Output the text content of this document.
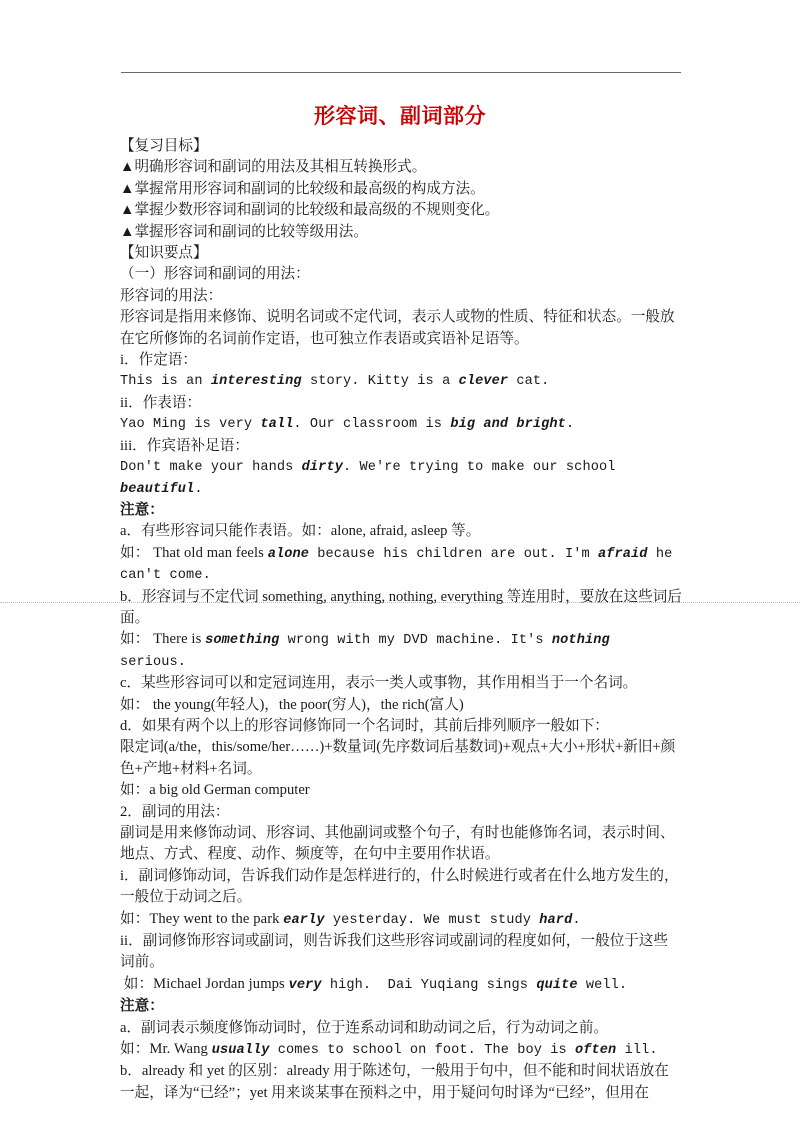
形容词、副词部分

【复习目标】

▲明确形容词和副词的用法及其相互转换形式。

▲掌握常用形容词和副词的比较级和最高级的构成方法。

▲掌握少数形容词和副词的比较级和最高级的不规则变化。

▲掌握形容词和副词的比较等级用法。

【知识要点】

（一）形容词和副词的用法：

形容词的用法：

形容词是指用来修饰、说明名词或不定代词，表示人或物的性质、特征和状态。一般放在它所修饰的名词前作定语，也可独立作表语或宾语补足语等。

i．作定语：

This is an interesting story. Kitty is a clever cat.

ii．作表语：

Yao Ming is very tall. Our classroom is big and bright.

iii．作宾语补足语：

Don't make your hands dirty. We're trying to make our school beautiful.

注意：

a．有些形容词只能作表语。如：alone, afraid, asleep 等。

如： That old man feels alone because his children are out. I'm afraid he can't come.

b．形容词与不定代词 something, anything, nothing, everything 等连用时，要放在这些词后面。

如： There is something wrong with my DVD machine. It's nothing serious.

c．某些形容词可以和定冠词连用，表示一类人或事物，其作用相当于一个名词。

如： the young(年轻人)，the poor(穷人)，the rich(富人)

d．如果有两个以上的形容词修饰同一个名词时，其前后排列顺序一般如下：

限定词(a/the，this/some/her……)+数量词(先序数词后基数词)+观点+大小+形状+新旧+颜色+产地+材料+名词。

如：a big old German computer

2．副词的用法：

副词是用来修饰动词、形容词、其他副词或整个句子，有时也能修饰名词，表示时间、地点、方式、程度、动作、频度等，在句中主要用作状语。

i．副词修饰动词，告诉我们动作是怎样进行的，什么时候进行或者在什么地方发生的，一般位于动词之后。

如：They went to the park early yesterday. We must study hard.

ii．副词修饰形容词或副词，则告诉我们这些形容词或副词的程度如何，一般位于这些词前。

如：Michael Jordan jumps very high.  Dai Yuqiang sings quite well.

注意：

a．副词表示频度修饰动词时，位于连系动词和助动词之后，行为动词之前。

如：Mr. Wang usually comes to school on foot. The boy is often ill.

b．already 和 yet 的区别：already 用于陈述句，一般用于句中，但不能和时间状语放在一起，译为“已经”；yet 用来谈某事在预料之中，用于疑问句时译为“已经”，但用在
